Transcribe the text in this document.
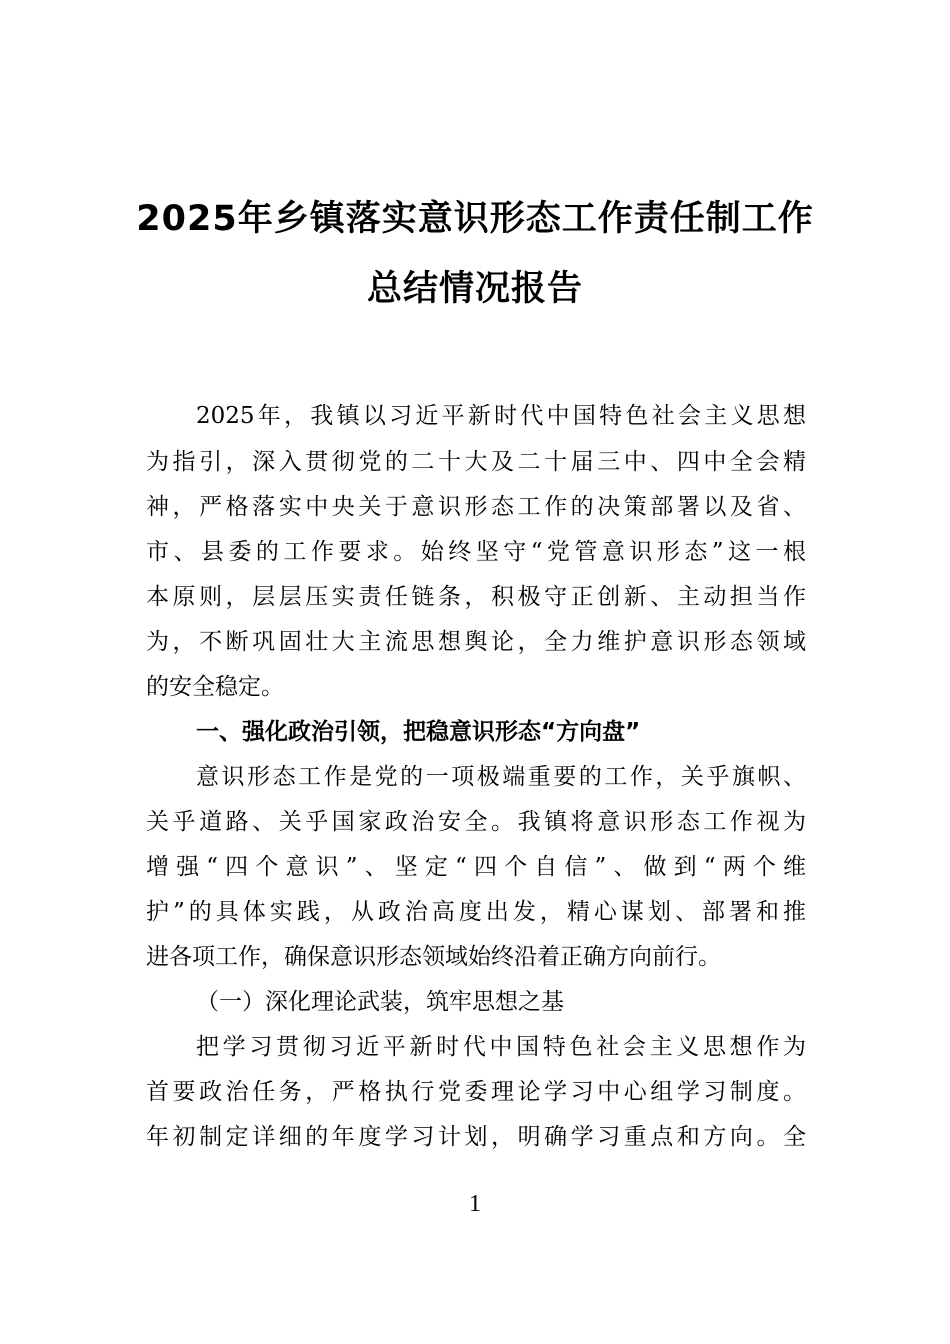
2025年乡镇落实意识形态工作责任制工作
总结情况报告
2025年，我镇以习近平新时代中国特色社会主义思想
为指引，深入贯彻党的二十大及二十届三中、四中全会精
神，严格落实中央关于意识形态工作的决策部署以及省、
市、县委的工作要求。始终坚守“党管意识形态”这一根
本原则，层层压实责任链条，积极守正创新、主动担当作
为，不断巩固壮大主流思想舆论，全力维护意识形态领域
的安全稳定。
一、强化政治引领，把稳意识形态“方向盘”
意识形态工作是党的一项极端重要的工作，关乎旗帜、
关乎道路、关乎国家政治安全。我镇将意识形态工作视为
增强“四个意识”、坚定“四个自信”、做到“两个维
护”的具体实践，从政治高度出发，精心谋划、部署和推
进各项工作，确保意识形态领域始终沿着正确方向前行。
（一）深化理论武装，筑牢思想之基
把学习贯彻习近平新时代中国特色社会主义思想作为
首要政治任务，严格执行党委理论学习中心组学习制度。
年初制定详细的年度学习计划，明确学习重点和方向。全
1
